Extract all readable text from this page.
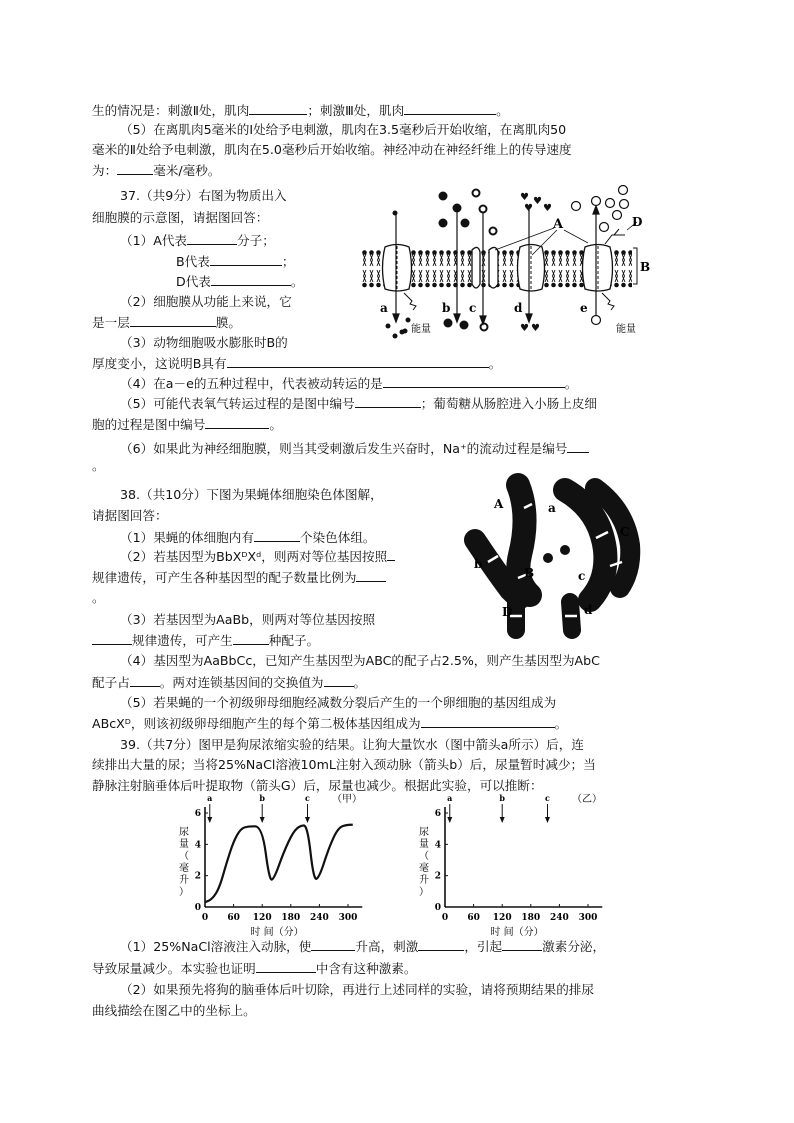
生的情况是：刺激Ⅱ处，肌肉	；刺激Ⅲ处，肌肉	。
（5）在离肌肉5毫米的Ⅰ处给予电刺激，肌肉在3.5毫秒后开始收缩，在离肌肉50
毫米的Ⅱ处给予电刺激，肌肉在5.0毫秒后开始收缩。神经冲动在神经纤维上的传导速度
为：	毫米/毫秒。
37.（共9分）右图为物质出入
细胞膜的示意图，请据图回答：
（1）A代表	分子；
B代表	；
D代表	。
（2）细胞膜从功能上来说，它
是一层	膜。
（3）动物细胞吸水膨胀时B的
厚度变小，这说明B具有	。
（4）在a－e的五种过程中，代表被动转运的是	。
（5）可能代表氧气转运过程的是图中编号	；葡萄糖从肠腔进入小肠上皮细
胞的过程是图中编号	。
（6）如果此为神经细胞膜，则当其受刺激后发生兴奋时，Na⁺的流动过程是编号
。
♥ ♥
♥
♥
♥ ♥
A	D
B
a	b c	d	e
能量	能量
38.（共10分）下图为果蝇体细胞染色体图解，
请据图回答：
（1）果蝇的体细胞内有	个染色体组。
（2）若基因型为BbXᴰXᵈ，则两对等位基因按照
规律遗传，可产生各种基因型的配子数量比例为
。
（3）若基因型为AaBb，则两对等位基因按照
规律遗传，可产生	种配子。
（4）基因型为AaBbCc，已知产生基因型为ABC的配子占2.5%，则产生基因型为AbC
配子占 。两对连锁基因间的交换值为 。
（5）若果蝇的一个初级卵母细胞经减数分裂后产生的一个卵细胞的基因组成为
ABcXᴰ，则该初级卵母细胞产生的每个第二极体基因组成为	。
A	a
b
C
B	c
D	d
39.（共7分）图甲是狗尿浓缩实验的结果。让狗大量饮水（图中箭头a所示）后，连
续排出大量的尿；当将25%NaCl溶液10mL注射入颈动脉（箭头b）后，尿量暂时减少；当
静脉注射脑垂体后叶提取物（箭头G）后，尿量也减少。根据此实验，可以推断：
0 60 120 180 240 300
0
2
4
6
尿
量
（
毫
升
）
时 间（分）
（甲）
a	b	c
0 60 120 180 240 300
0
2
4
6
尿
量
（
毫
升
）
时 间（分）
（乙）
a	b	c
（1）25%NaCl溶液注入动脉，使	升高，刺激	，引起	激素分泌，
导致尿量减少。本实验也证明	中含有这种激素。
（2）如果预先将狗的脑垂体后叶切除，再进行上述同样的实验，请将预期结果的排尿
曲线描绘在图乙中的坐标上。
